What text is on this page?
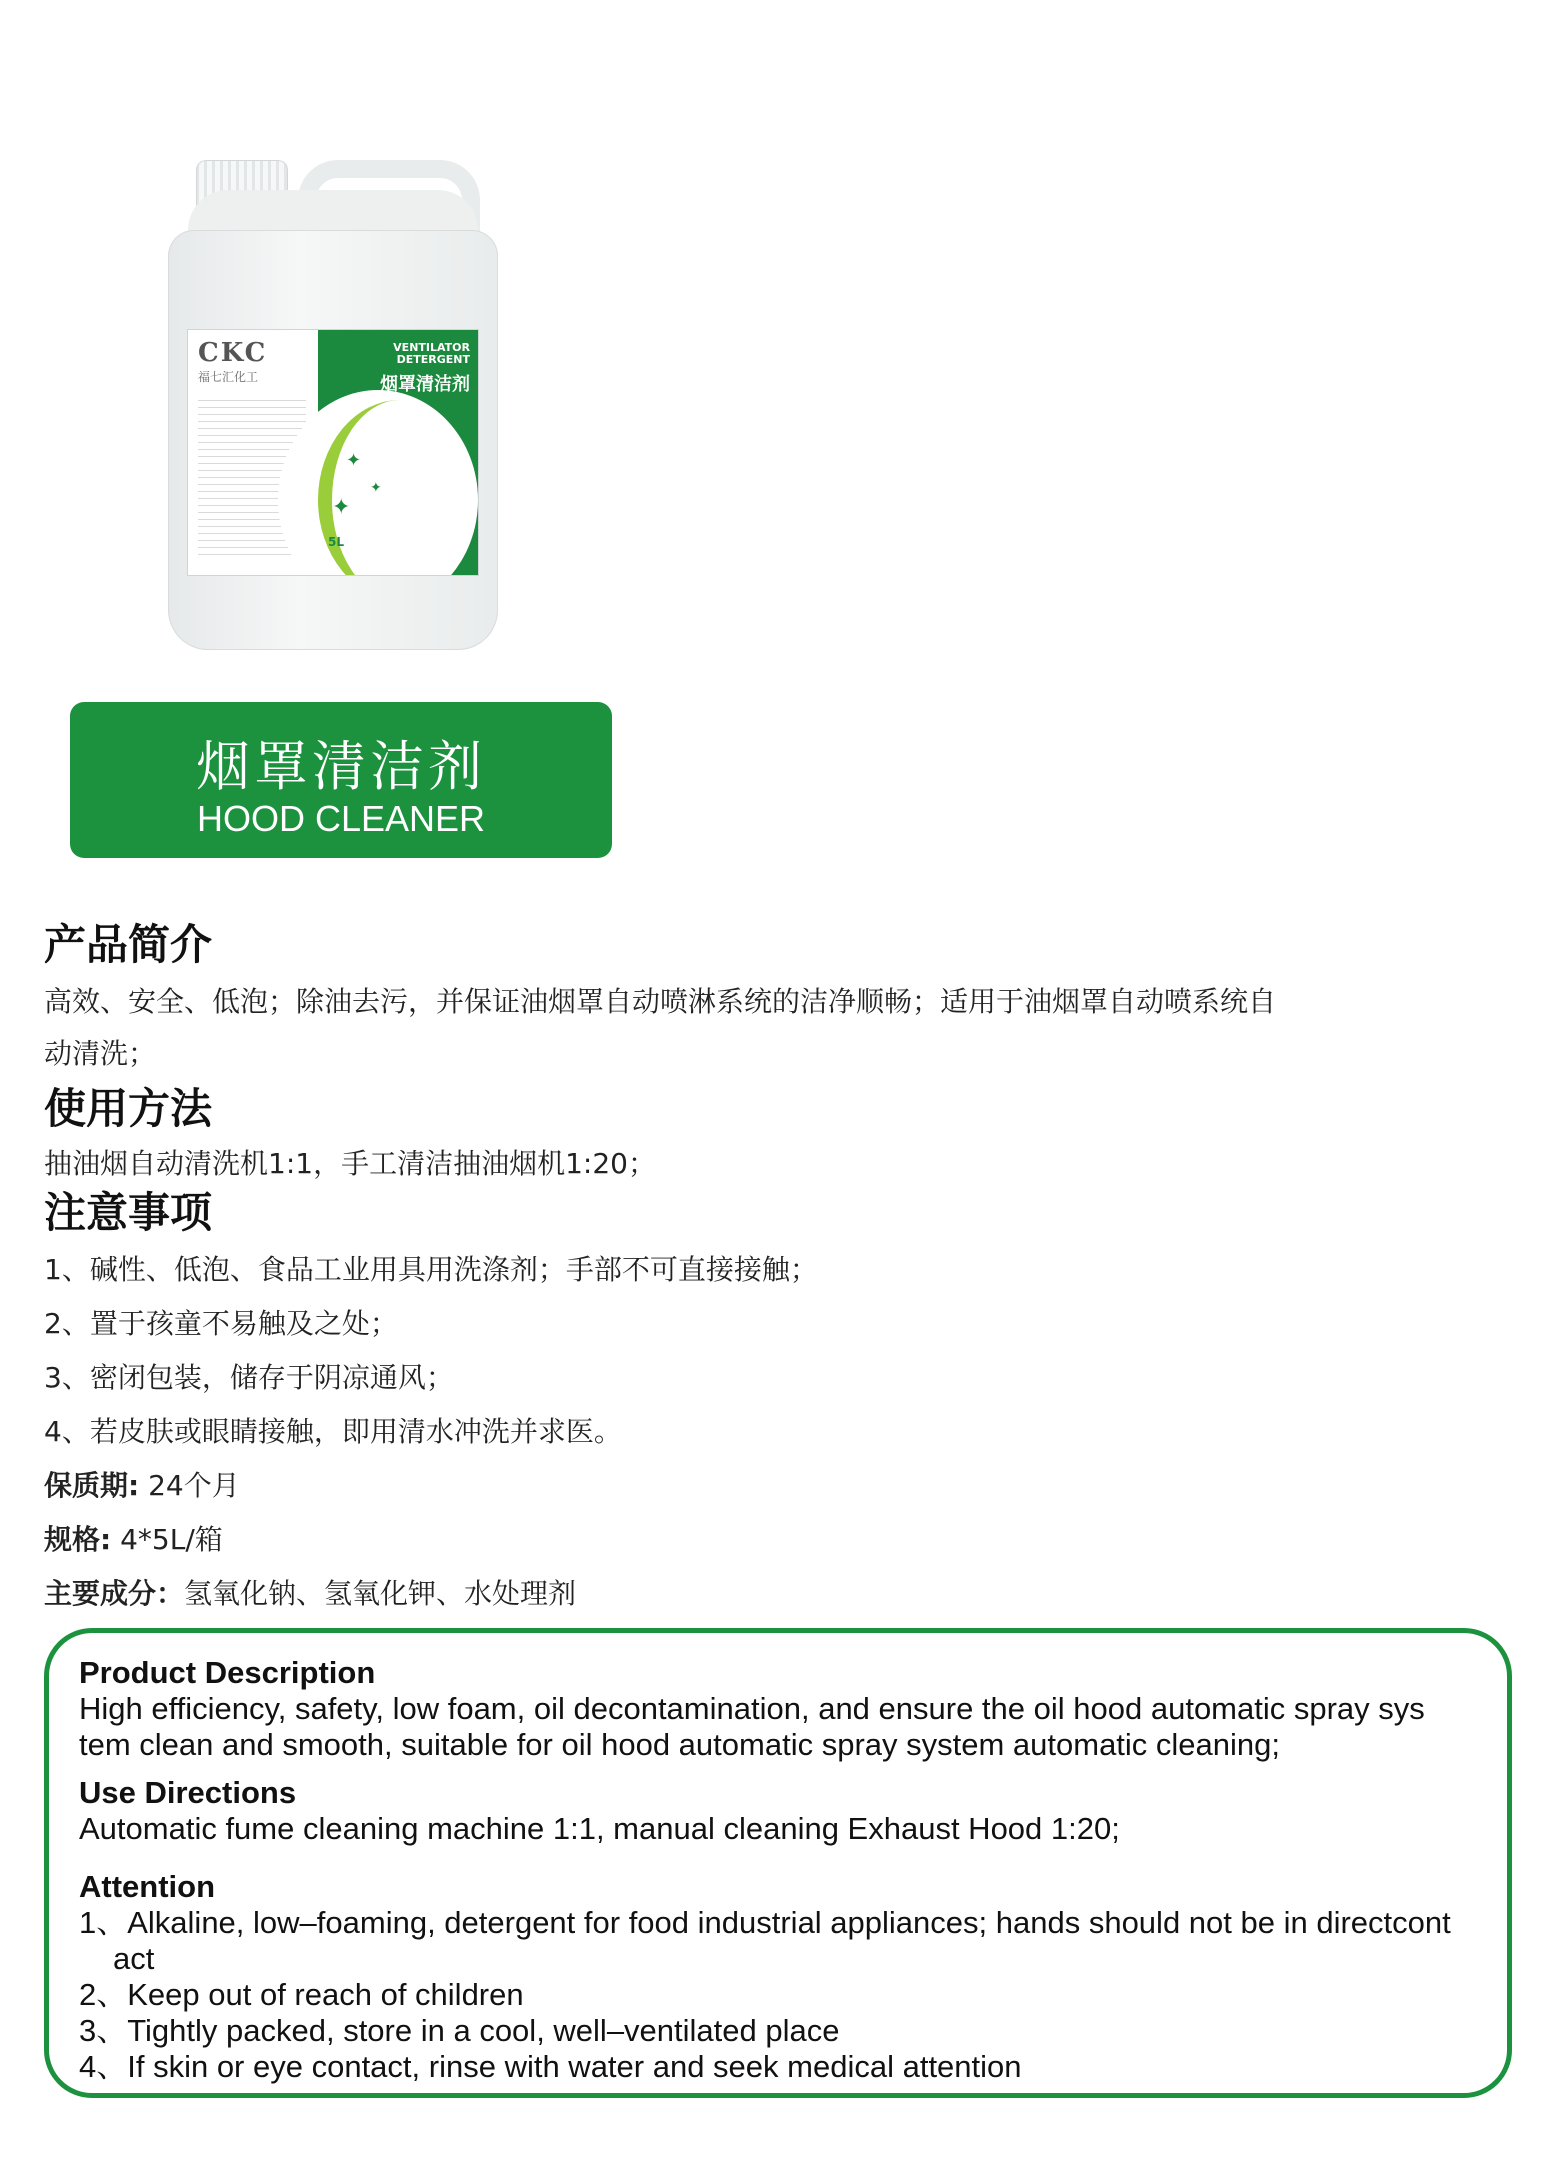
CKC
福七汇化工
VENTILATOR DETERGENT
烟罩清洁剂
✦
✦
✦
5L
烟罩清洁剂
HOOD CLEANER
产品简介
高效、安全、低泡；除油去污，并保证油烟罩自动喷淋系统的洁净顺畅；适用于油烟罩自动喷系统自
动清洗；
使用方法
抽油烟自动清洗机1:1，手工清洁抽油烟机1:20；
注意事项
1、碱性、低泡、食品工业用具用洗涤剂；手部不可直接接触；
2、置于孩童不易触及之处；
3、密闭包装，储存于阴凉通风；
4、若皮肤或眼睛接触，即用清水冲洗并求医。
保质期: 24个月
规格: 4*5L/箱
主要成分：氢氧化钠、氢氧化钾、水处理剂
Product Description
High efficiency, safety, low foam, oil decontamination, and ensure the oil hood automatic spray sys
tem clean and smooth, suitable for oil hood automatic spray system automatic cleaning;
Use Directions
Automatic fume cleaning machine 1:1, manual cleaning Exhaust Hood 1:20;
Attention
1、Alkaline, low–foaming, detergent for food industrial appliances; hands should not be in directcont
act
2、Keep out of reach of children
3、Tightly packed, store in a cool, well–ventilated place
4、If skin or eye contact, rinse with water and seek medical attention
